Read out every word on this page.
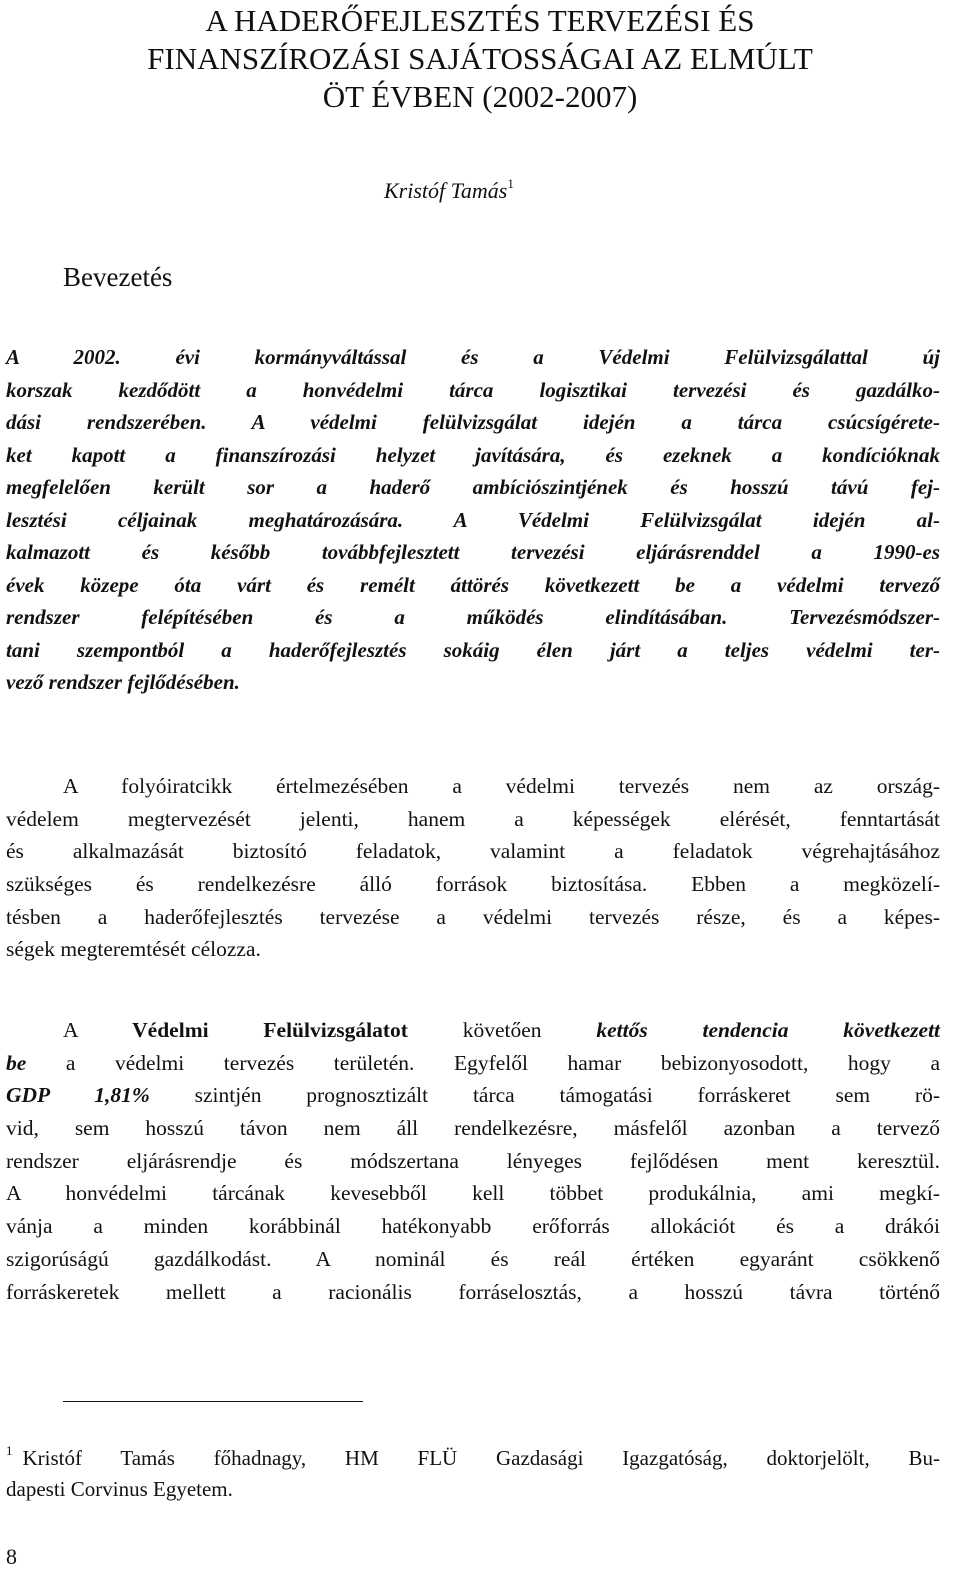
A HADERŐFEJLESZTÉS TERVEZÉSI ÉS
FINANSZÍROZÁSI SAJÁTOSSÁGAI AZ ELMÚLT
ÖT ÉVBEN (2002-2007)
Kristóf Tamás$^1$
Bevezetés
A 2002. évi kormányváltással és a Védelmi Felülvizsgálattal új
korszak kezdődött a honvédelmi tárca logisztikai tervezési és gazdálko-
dási rendszerében. A védelmi felülvizsgálat idején a tárca csúcsígérete-
ket kapott a finanszírozási helyzet javítására, és ezeknek a kondícióknak
megfelelően került sor a haderő ambíciószintjének és hosszú távú fej-
lesztési céljainak meghatározására. A Védelmi Felülvizsgálat idején al-
kalmazott és később továbbfejlesztett tervezési eljárásrenddel a 1990-es
évek közepe óta várt és remélt áttörés következett be a védelmi tervező
rendszer felépítésében és a működés elindításában. Tervezésmódszer-
tani szempontból a haderőfejlesztés sokáig élen járt a teljes védelmi ter-
vező rendszer fejlődésében.
A folyóiratcikk értelmezésében a védelmi tervezés nem az ország-
védelem megtervezését jelenti, hanem a képességek elérését, fenntartását
és alkalmazását biztosító feladatok, valamint a feladatok végrehajtásához
szükséges és rendelkezésre álló források biztosítása. Ebben a megközelí-
tésben a haderőfejlesztés tervezése a védelmi tervezés része, és a képes-
ségek megteremtését célozza.
A Védelmi Felülvizsgálatot követően kettős tendencia következett
be a védelmi tervezés területén. Egyfelől hamar bebizonyosodott, hogy a
GDP 1,81% szintjén prognosztizált tárca támogatási forráskeret sem rö-
vid, sem hosszú távon nem áll rendelkezésre, másfelől azonban a tervező
rendszer eljárásrendje és módszertana lényeges fejlődésen ment keresztül.
A honvédelmi tárcának kevesebből kell többet produkálnia, ami megkí-
vánja a minden korábbinál hatékonyabb erőforrás allokációt és a drákói
szigorúságú gazdálkodást. A nominál és reál értéken egyaránt csökkenő
forráskeretek mellett a racionális forráselosztás, a hosszú távra történő
$^1$ Kristóf Tamás főhadnagy, HM FLÜ Gazdasági Igazgatóság, doktorjelölt, Bu-
dapesti Corvinus Egyetem.
8
